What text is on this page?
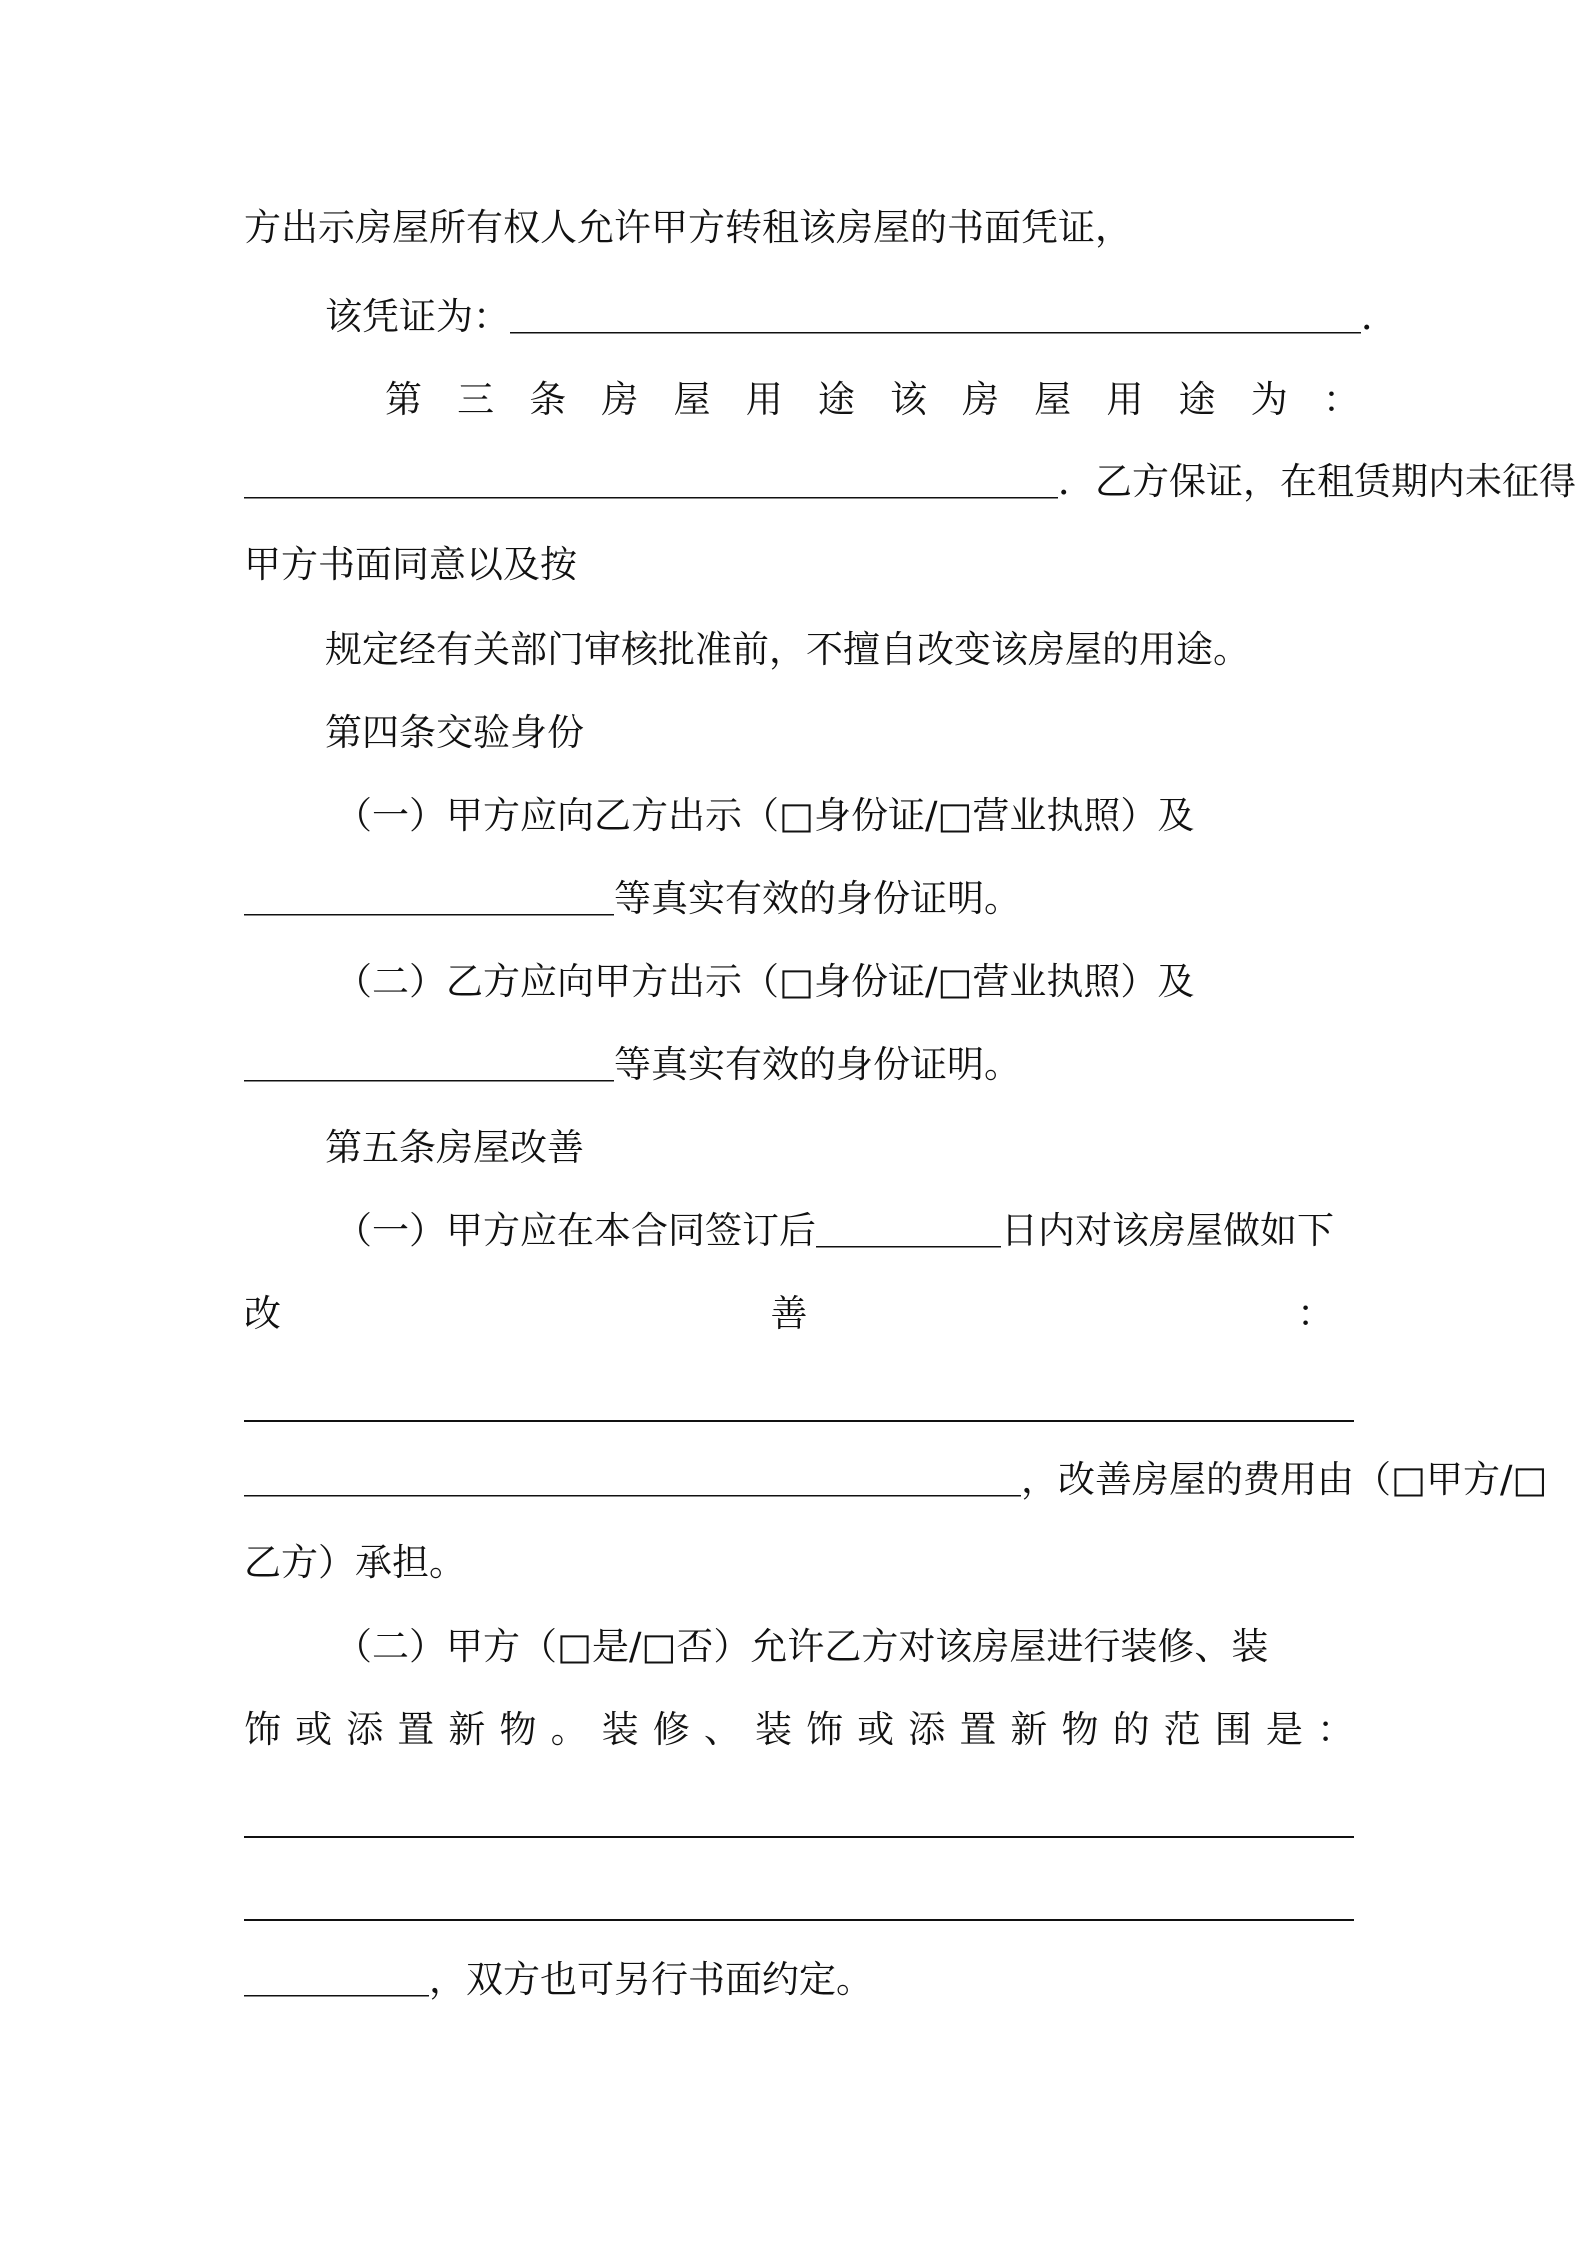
方出示房屋所有权人允许甲方转租该房屋的书面凭证，
该凭证为：＿＿＿＿＿＿＿＿＿＿＿＿＿＿＿＿＿＿＿＿＿＿＿．
第 三 条 房 屋 用 途 该 房 屋 用 途 为 ：
＿＿＿＿＿＿＿＿＿＿＿＿＿＿＿＿＿＿＿＿＿＿．乙方保证，在租赁期内未征得
甲方书面同意以及按
规定经有关部门审核批准前，不擅自改变该房屋的用途。
第四条交验身份
（一）甲方应向乙方出示（□身份证/□营业执照）及
＿＿＿＿＿＿＿＿＿＿等真实有效的身份证明。
（二）乙方应向甲方出示（□身份证/□营业执照）及
＿＿＿＿＿＿＿＿＿＿等真实有效的身份证明。
第五条房屋改善
（一）甲方应在本合同签订后＿＿＿＿＿日内对该房屋做如下
改	善	：
＿＿＿＿＿＿＿＿＿＿＿＿＿＿＿＿＿＿＿＿＿，改善房屋的费用由（□甲方/□
乙方）承担。
（二）甲方（□是/□否）允许乙方对该房屋进行装修、装
饰 或 添 置 新 物 。 装 修 、 装 饰 或 添 置 新 物 的 范 围 是 ：
＿＿＿＿＿，双方也可另行书面约定。
